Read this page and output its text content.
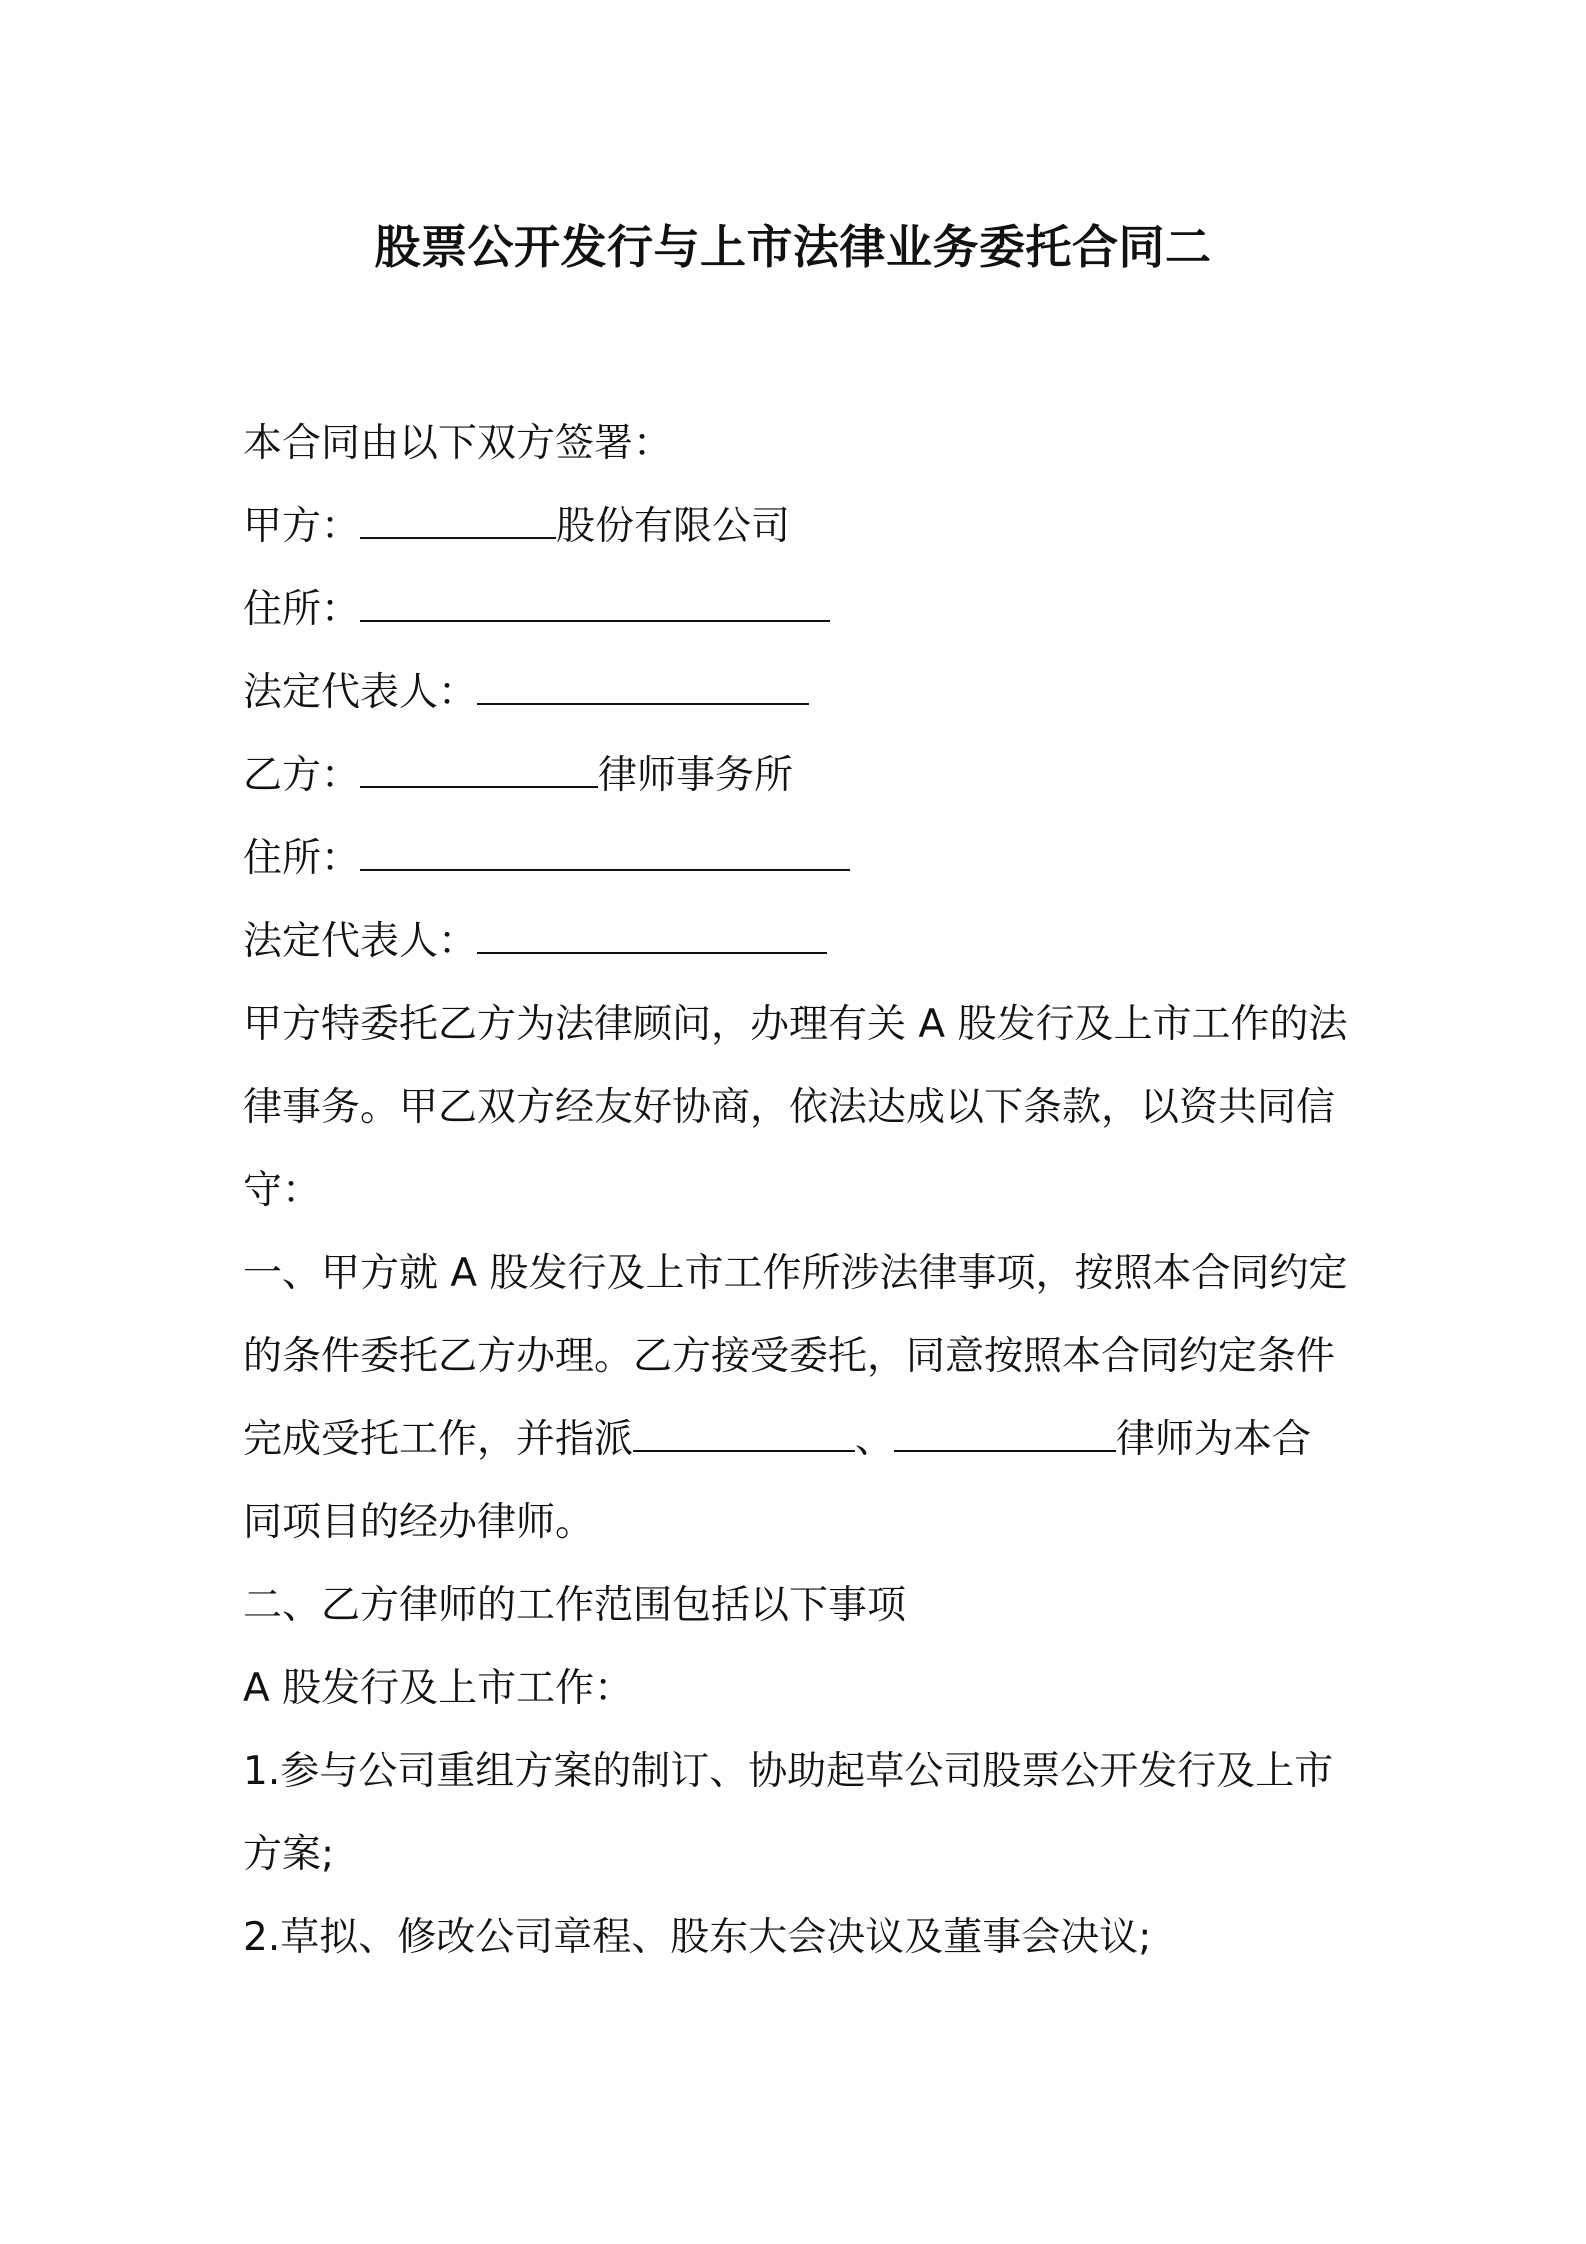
股票公开发行与上市法律业务委托合同二
本合同由以下双方签署：
甲方：	股份有限公司
住所：
法定代表人：
乙方：	律师事务所
住所：
法定代表人：
甲方特委托乙方为法律顾问，办理有关 A 股发行及上市工作的法
律事务。甲乙双方经友好协商，依法达成以下条款，以资共同信
守：
一、甲方就 A 股发行及上市工作所涉法律事项，按照本合同约定
的条件委托乙方办理。乙方接受委托，同意按照本合同约定条件
完成受托工作，并指派	、	律师为本合
同项目的经办律师。
二、乙方律师的工作范围包括以下事项
A 股发行及上市工作：
1.参与公司重组方案的制订、协助起草公司股票公开发行及上市
方案;
2.草拟、修改公司章程、股东大会决议及董事会决议;
